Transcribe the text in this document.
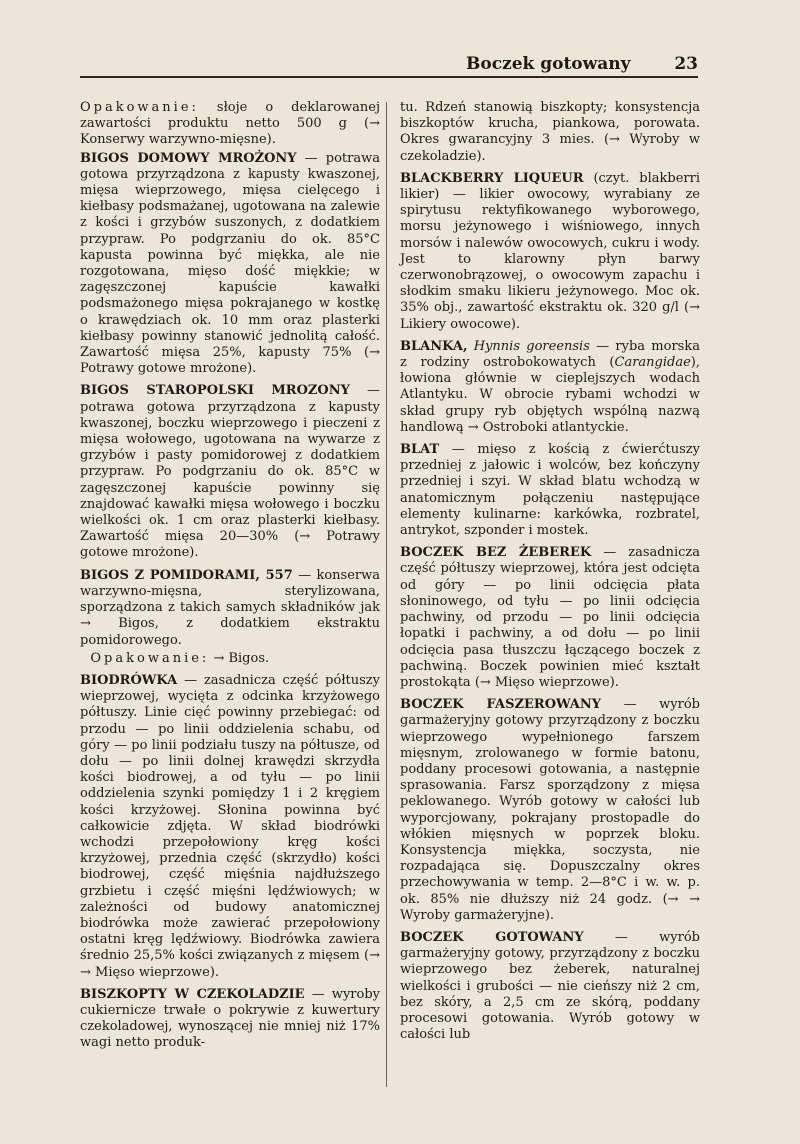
Boczek gotowany	23

Opakowanie: słoje o deklarowanej zawartości produktu netto 500 g (→ Konserwy warzywno-mięsne).

BIGOS DOMOWY MROŻONY — potrawa gotowa przyrządzona z kapusty kwaszonej, mięsa wieprzowego, mięsa cielęcego i kiełbasy podsmażanej, ugotowana na zalewie z kości i grzybów suszonych, z dodatkiem przypraw. Po podgrzaniu do ok. 85°C kapusta powinna być miękka, ale nie rozgotowana, mięso dość miękkie; w zagęszczonej kapuście kawałki podsmażonego mięsa pokrajanego w kostkę o krawędziach ok. 10 mm oraz plasterki kiełbasy powinny stanowić jednolitą całość. Zawartość mięsa 25%, kapusty 75% (→ Potrawy gotowe mrożone).

BIGOS STAROPOLSKI MROZONY — potrawa gotowa przyrządzona z kapusty kwaszonej, boczku wieprzowego i pieczeni z mięsa wołowego, ugotowana na wywarze z grzybów i pasty pomidorowej z dodatkiem przypraw. Po podgrzaniu do ok. 85°C w zagęszczonej kapuście powinny się znajdować kawałki mięsa wołowego i boczku wielkości ok. 1 cm oraz plasterki kiełbasy. Zawartość mięsa 20—30% (→ Potrawy gotowe mrożone).

BIGOS Z POMIDORAMI, 557 — konserwa warzywno-mięsna, sterylizowana, sporządzona z takich samych składników jak → Bigos, z dodatkiem ekstraktu pomidorowego.

Opakowanie: → Bigos.

BIODRÓWKA — zasadnicza część półtuszy wieprzowej, wycięta z odcinka krzyżowego półtuszy. Linie cięć powinny przebiegać: od przodu — po linii oddzielenia schabu, od góry — po linii podziału tuszy na półtusze, od dołu — po linii dolnej krawędzi skrzydła kości biodrowej, a od tyłu — po linii oddzielenia szynki pomiędzy 1 i 2 kręgiem kości krzyżowej. Słonina powinna być całkowicie zdjęta. W skład biodrówki wchodzi przepołowiony kręg kości krzyżowej, przednia część (skrzydło) kości biodrowej, część mięśnia najdłuższego grzbietu i część mięśni lędźwiowych; w zależności od budowy anatomicznej biodrówka może zawierać przepołowiony ostatni kręg lędźwiowy. Biodrówka zawiera średnio 25,5% kości związanych z mięsem (→ → Mięso wieprzowe).

BISZKOPTY W CZEKOLADZIE — wyroby cukiernicze trwałe o pokrywie z kuwertury czekoladowej, wynoszącej nie mniej niż 17% wagi netto produk-

tu. Rdzeń stanowią biszkopty; konsystencja biszkoptów krucha, piankowa, porowata. Okres gwarancyjny 3 mies. (→ Wyroby w czekoladzie).

BLACKBERRY LIQUEUR (czyt. blakberri likier) — likier owocowy, wyrabiany ze spirytusu rektyfikowanego wyborowego, morsu jeżynowego i wiśniowego, innych morsów i nalewów owocowych, cukru i wody. Jest to klarowny płyn barwy czerwonobrązowej, o owocowym zapachu i słodkim smaku likieru jeżynowego. Moc ok. 35% obj., zawartość ekstraktu ok. 320 g/l (→ Likiery owocowe).

BLANKA, Hynnis goreensis — ryba morska z rodziny ostrobokowatych (Carangidae), łowiona głównie w cieplejszych wodach Atlantyku. W obrocie rybami wchodzi w skład grupy ryb objętych wspólną nazwą handlową → Ostroboki atlantyckie.

BLAT — mięso z kością z ćwierćtuszy przedniej z jałowic i wolców, bez kończyny przedniej i szyi. W skład blatu wchodzą w anatomicznym połączeniu następujące elementy kulinarne: karkówka, rozbratel, antrykot, szponder i mostek.

BOCZEK BEZ ŻEBEREK — zasadnicza część półtuszy wieprzowej, która jest odcięta od góry — po linii odcięcia płata słoninowego, od tyłu — po linii odcięcia pachwiny, od przodu — po linii odcięcia łopatki i pachwiny, a od dołu — po linii odcięcia pasa tłuszczu łączącego boczek z pachwiną. Boczek powinien mieć kształt prostokąta (→ Mięso wieprzowe).

BOCZEK FASZEROWANY — wyrób garmażeryjny gotowy przyrządzony z boczku wieprzowego wypełnionego farszem mięsnym, zrolowanego w formie batonu, poddany procesowi gotowania, a następnie sprasowania. Farsz sporządzony z mięsa peklowanego. Wyrób gotowy w całości lub wyporcjowany, pokrajany prostopadle do włókien mięsnych w poprzek bloku. Konsystencja miękka, soczysta, nie rozpadająca się. Dopuszczalny okres przechowywania w temp. 2—8°C i w. w. p. ok. 85% nie dłuższy niż 24 godz. (→ → Wyroby garmażeryjne).

BOCZEK GOTOWANY — wyrób garmażeryjny gotowy, przyrządzony z boczku wieprzowego bez żeberek, naturalnej wielkości i grubości — nie cieńszy niż 2 cm, bez skóry, a 2,5 cm ze skórą, poddany procesowi gotowania. Wyrób gotowy w całości lub
